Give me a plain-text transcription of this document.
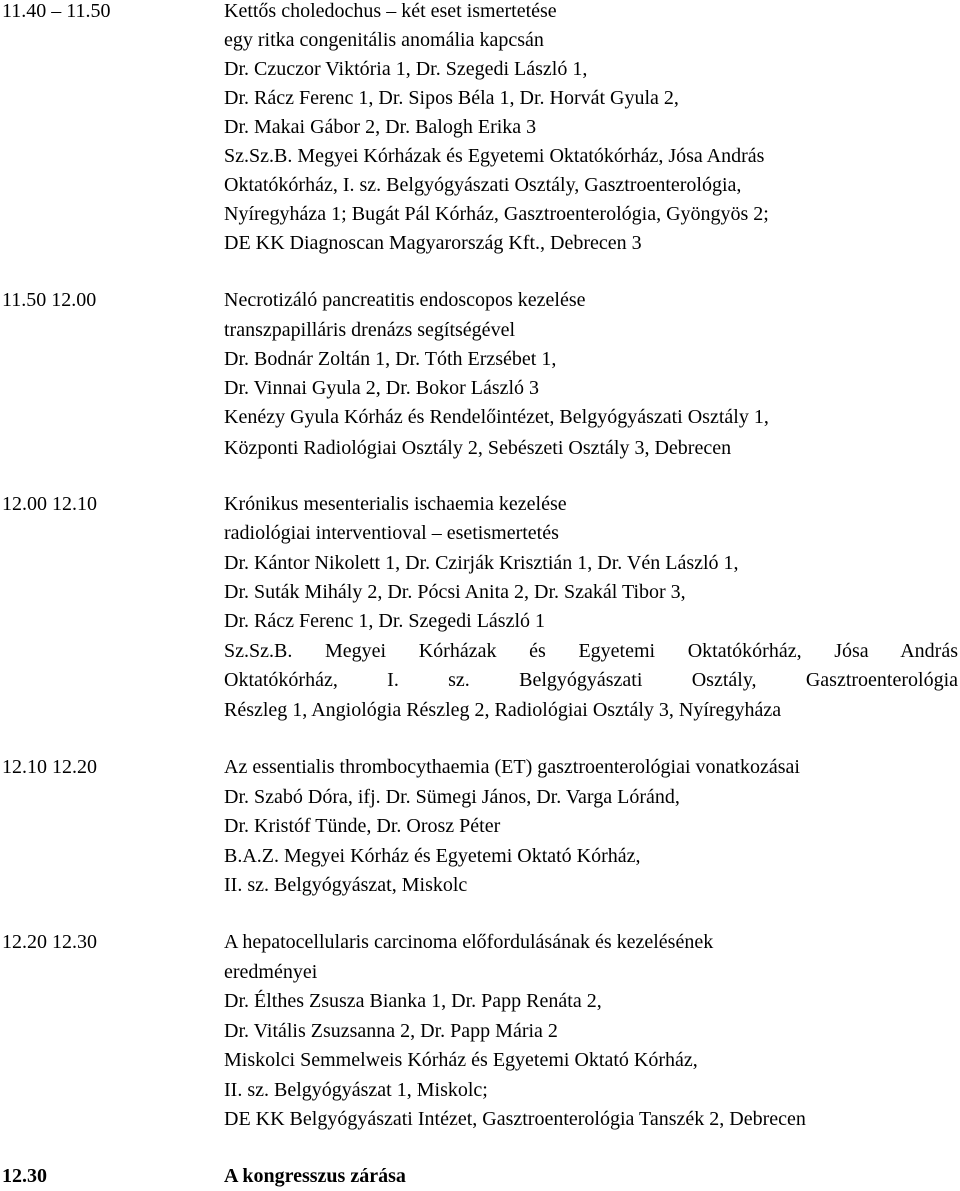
11.40 – 11.50	Kettős choledochus – két eset ismertetése
egy ritka congenitális anomália kapcsán
Dr. Czuczor Viktória 1, Dr. Szegedi László 1,
Dr. Rácz Ferenc 1, Dr. Sipos Béla 1, Dr. Horvát Gyula 2,
Dr. Makai Gábor 2, Dr. Balogh Erika 3
Sz.Sz.B. Megyei Kórházak és Egyetemi Oktatókórház, Jósa András
Oktatókórház, I. sz. Belgyógyászati Osztály, Gasztroenterológia,
Nyíregyháza 1; Bugát Pál Kórház, Gasztroenterológia, Gyöngyös 2;
DE KK Diagnoscan Magyarország Kft., Debrecen 3
11.50 12.00	Necrotizáló pancreatitis endoscopos kezelése
transzpapilláris drenázs segítségével
Dr. Bodnár Zoltán 1, Dr. Tóth Erzsébet 1,
Dr. Vinnai Gyula 2, Dr. Bokor László 3
Kenézy Gyula Kórház és Rendelőintézet, Belgyógyászati Osztály 1,
Központi Radiológiai Osztály 2, Sebészeti Osztály 3, Debrecen
12.00 12.10	Krónikus mesenterialis ischaemia kezelése
radiológiai interventioval – esetismertetés
Dr. Kántor Nikolett 1, Dr. Czirják Krisztián 1, Dr. Vén László 1,
Dr. Suták Mihály 2, Dr. Pócsi Anita 2, Dr. Szakál Tibor 3,
Dr. Rácz Ferenc 1, Dr. Szegedi László 1
Sz.Sz.B. Megyei Kórházak és Egyetemi Oktatókórház, Jósa András
Oktatókórház, I. sz. Belgyógyászati Osztály, Gasztroenterológia
Részleg 1, Angiológia Részleg 2, Radiológiai Osztály 3, Nyíregyháza
12.10 12.20	Az essentialis thrombocythaemia (ET) gasztroenterológiai vonatkozásai
Dr. Szabó Dóra, ifj. Dr. Sümegi János, Dr. Varga Lóránd,
Dr. Kristóf Tünde, Dr. Orosz Péter
B.A.Z. Megyei Kórház és Egyetemi Oktató Kórház,
II. sz. Belgyógyászat, Miskolc
12.20 12.30	A hepatocellularis carcinoma előfordulásának és kezelésének
eredményei
Dr. Élthes Zsusza Bianka 1, Dr. Papp Renáta 2,
Dr. Vitális Zsuzsanna 2, Dr. Papp Mária 2
Miskolci Semmelweis Kórház és Egyetemi Oktató Kórház,
II. sz. Belgyógyászat 1, Miskolc;
DE KK Belgyógyászati Intézet, Gasztroenterológia Tanszék 2, Debrecen
12.30	A kongresszus zárása
